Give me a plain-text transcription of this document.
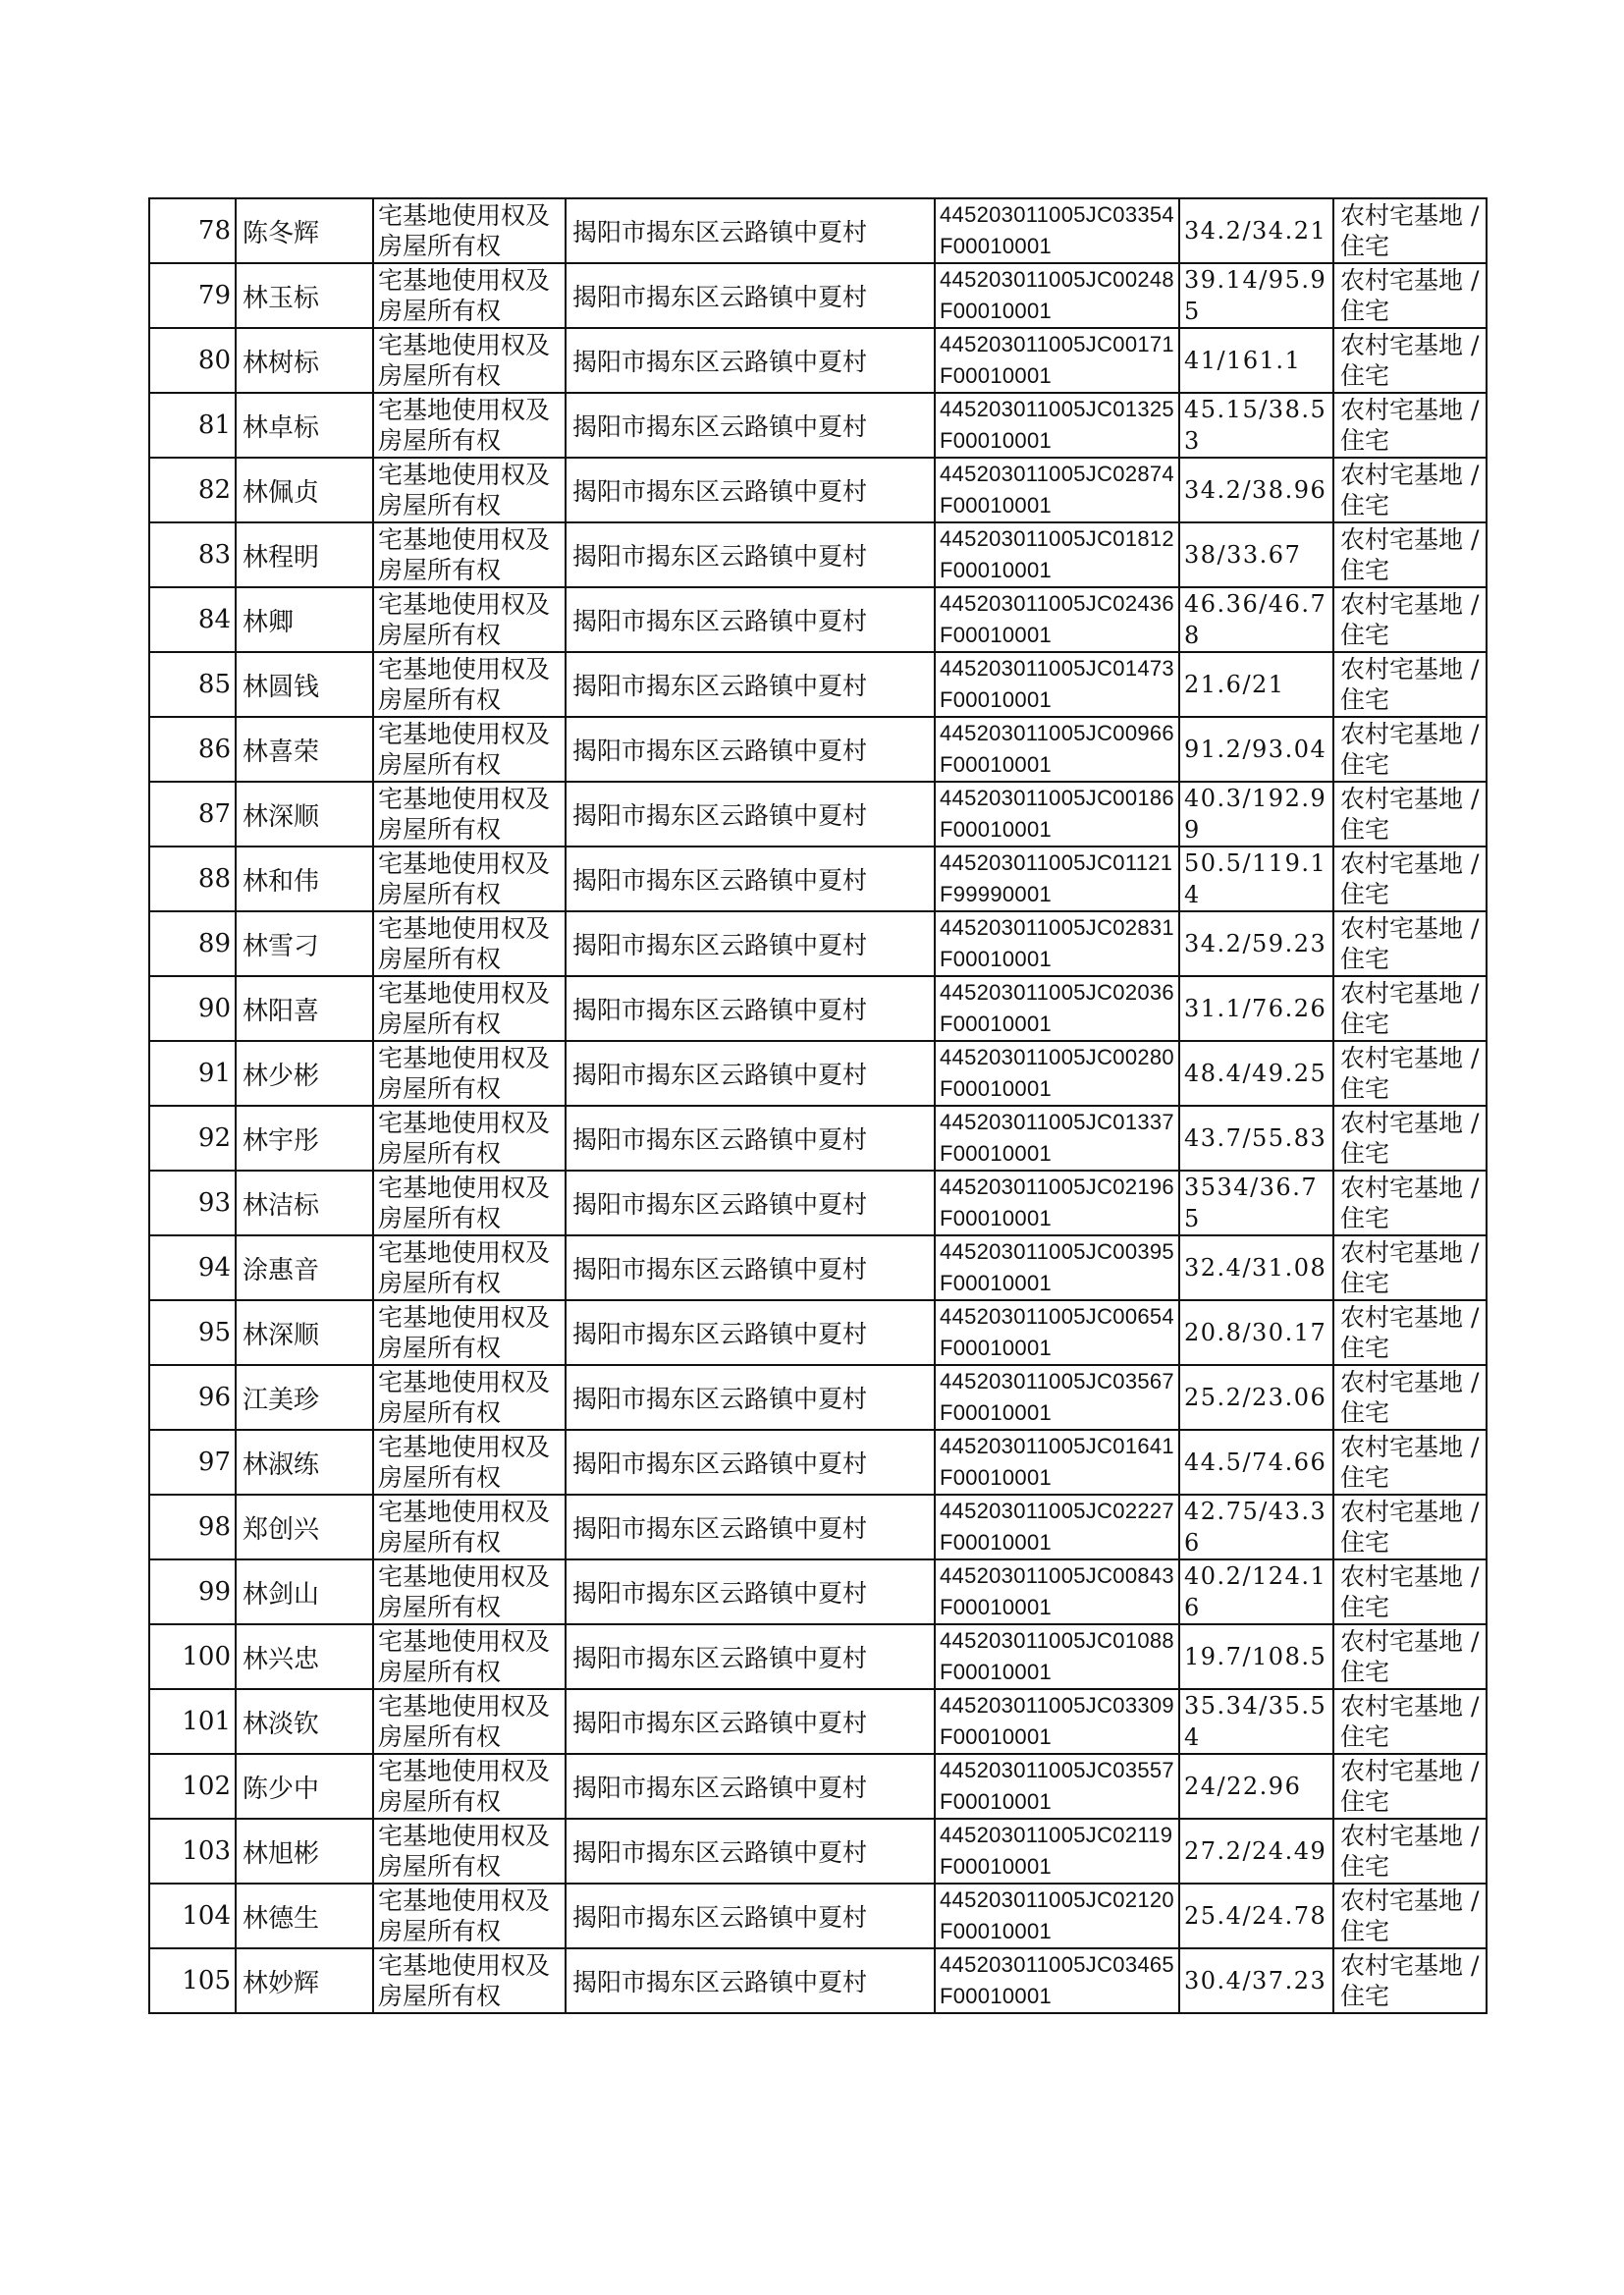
78	陈冬辉	宅基地使用权及房屋所有权	揭阳市揭东区云路镇中夏村	445203011005JC03354F00010001	34.2/34.21	农村宅基地 / 住宅

79	林玉标	宅基地使用权及房屋所有权	揭阳市揭东区云路镇中夏村	445203011005JC00248F00010001	39.14/95.95	农村宅基地 / 住宅

80	林树标	宅基地使用权及房屋所有权	揭阳市揭东区云路镇中夏村	445203011005JC00171F00010001	41/161.1	农村宅基地 / 住宅

81	林卓标	宅基地使用权及房屋所有权	揭阳市揭东区云路镇中夏村	445203011005JC01325F00010001	45.15/38.53	农村宅基地 / 住宅

82	林佩贞	宅基地使用权及房屋所有权	揭阳市揭东区云路镇中夏村	445203011005JC02874F00010001	34.2/38.96	农村宅基地 / 住宅

83	林程明	宅基地使用权及房屋所有权	揭阳市揭东区云路镇中夏村	445203011005JC01812F00010001	38/33.67	农村宅基地 / 住宅

84	林卿	宅基地使用权及房屋所有权	揭阳市揭东区云路镇中夏村	445203011005JC02436F00010001	46.36/46.78	农村宅基地 / 住宅

85	林圆钱	宅基地使用权及房屋所有权	揭阳市揭东区云路镇中夏村	445203011005JC01473F00010001	21.6/21	农村宅基地 / 住宅

86	林喜荣	宅基地使用权及房屋所有权	揭阳市揭东区云路镇中夏村	445203011005JC00966F00010001	91.2/93.04	农村宅基地 / 住宅

87	林深顺	宅基地使用权及房屋所有权	揭阳市揭东区云路镇中夏村	445203011005JC00186F00010001	40.3/192.99	农村宅基地 / 住宅

88	林和伟	宅基地使用权及房屋所有权	揭阳市揭东区云路镇中夏村	445203011005JC01121F99990001	50.5/119.14	农村宅基地 / 住宅

89	林雪刁	宅基地使用权及房屋所有权	揭阳市揭东区云路镇中夏村	445203011005JC02831F00010001	34.2/59.23	农村宅基地 / 住宅

90	林阳喜	宅基地使用权及房屋所有权	揭阳市揭东区云路镇中夏村	445203011005JC02036F00010001	31.1/76.26	农村宅基地 / 住宅

91	林少彬	宅基地使用权及房屋所有权	揭阳市揭东区云路镇中夏村	445203011005JC00280F00010001	48.4/49.25	农村宅基地 / 住宅

92	林宇彤	宅基地使用权及房屋所有权	揭阳市揭东区云路镇中夏村	445203011005JC01337F00010001	43.7/55.83	农村宅基地 / 住宅

93	林洁标	宅基地使用权及房屋所有权	揭阳市揭东区云路镇中夏村	445203011005JC02196F00010001	3534/36.75	农村宅基地 / 住宅

94	涂惠音	宅基地使用权及房屋所有权	揭阳市揭东区云路镇中夏村	445203011005JC00395F00010001	32.4/31.08	农村宅基地 / 住宅

95	林深顺	宅基地使用权及房屋所有权	揭阳市揭东区云路镇中夏村	445203011005JC00654F00010001	20.8/30.17	农村宅基地 / 住宅

96	江美珍	宅基地使用权及房屋所有权	揭阳市揭东区云路镇中夏村	445203011005JC03567F00010001	25.2/23.06	农村宅基地 / 住宅

97	林淑练	宅基地使用权及房屋所有权	揭阳市揭东区云路镇中夏村	445203011005JC01641F00010001	44.5/74.66	农村宅基地 / 住宅

98	郑创兴	宅基地使用权及房屋所有权	揭阳市揭东区云路镇中夏村	445203011005JC02227F00010001	42.75/43.36	农村宅基地 / 住宅

99	林剑山	宅基地使用权及房屋所有权	揭阳市揭东区云路镇中夏村	445203011005JC00843F00010001	40.2/124.16	农村宅基地 / 住宅

100	林兴忠	宅基地使用权及房屋所有权	揭阳市揭东区云路镇中夏村	445203011005JC01088F00010001	19.7/108.5	农村宅基地 / 住宅

101	林淡钦	宅基地使用权及房屋所有权	揭阳市揭东区云路镇中夏村	445203011005JC03309F00010001	35.34/35.54	农村宅基地 / 住宅

102	陈少中	宅基地使用权及房屋所有权	揭阳市揭东区云路镇中夏村	445203011005JC03557F00010001	24/22.96	农村宅基地 / 住宅

103	林旭彬	宅基地使用权及房屋所有权	揭阳市揭东区云路镇中夏村	445203011005JC02119F00010001	27.2/24.49	农村宅基地 / 住宅

104	林德生	宅基地使用权及房屋所有权	揭阳市揭东区云路镇中夏村	445203011005JC02120F00010001	25.4/24.78	农村宅基地 / 住宅

105	林妙辉	宅基地使用权及房屋所有权	揭阳市揭东区云路镇中夏村	445203011005JC03465F00010001	30.4/37.23	农村宅基地 / 住宅
